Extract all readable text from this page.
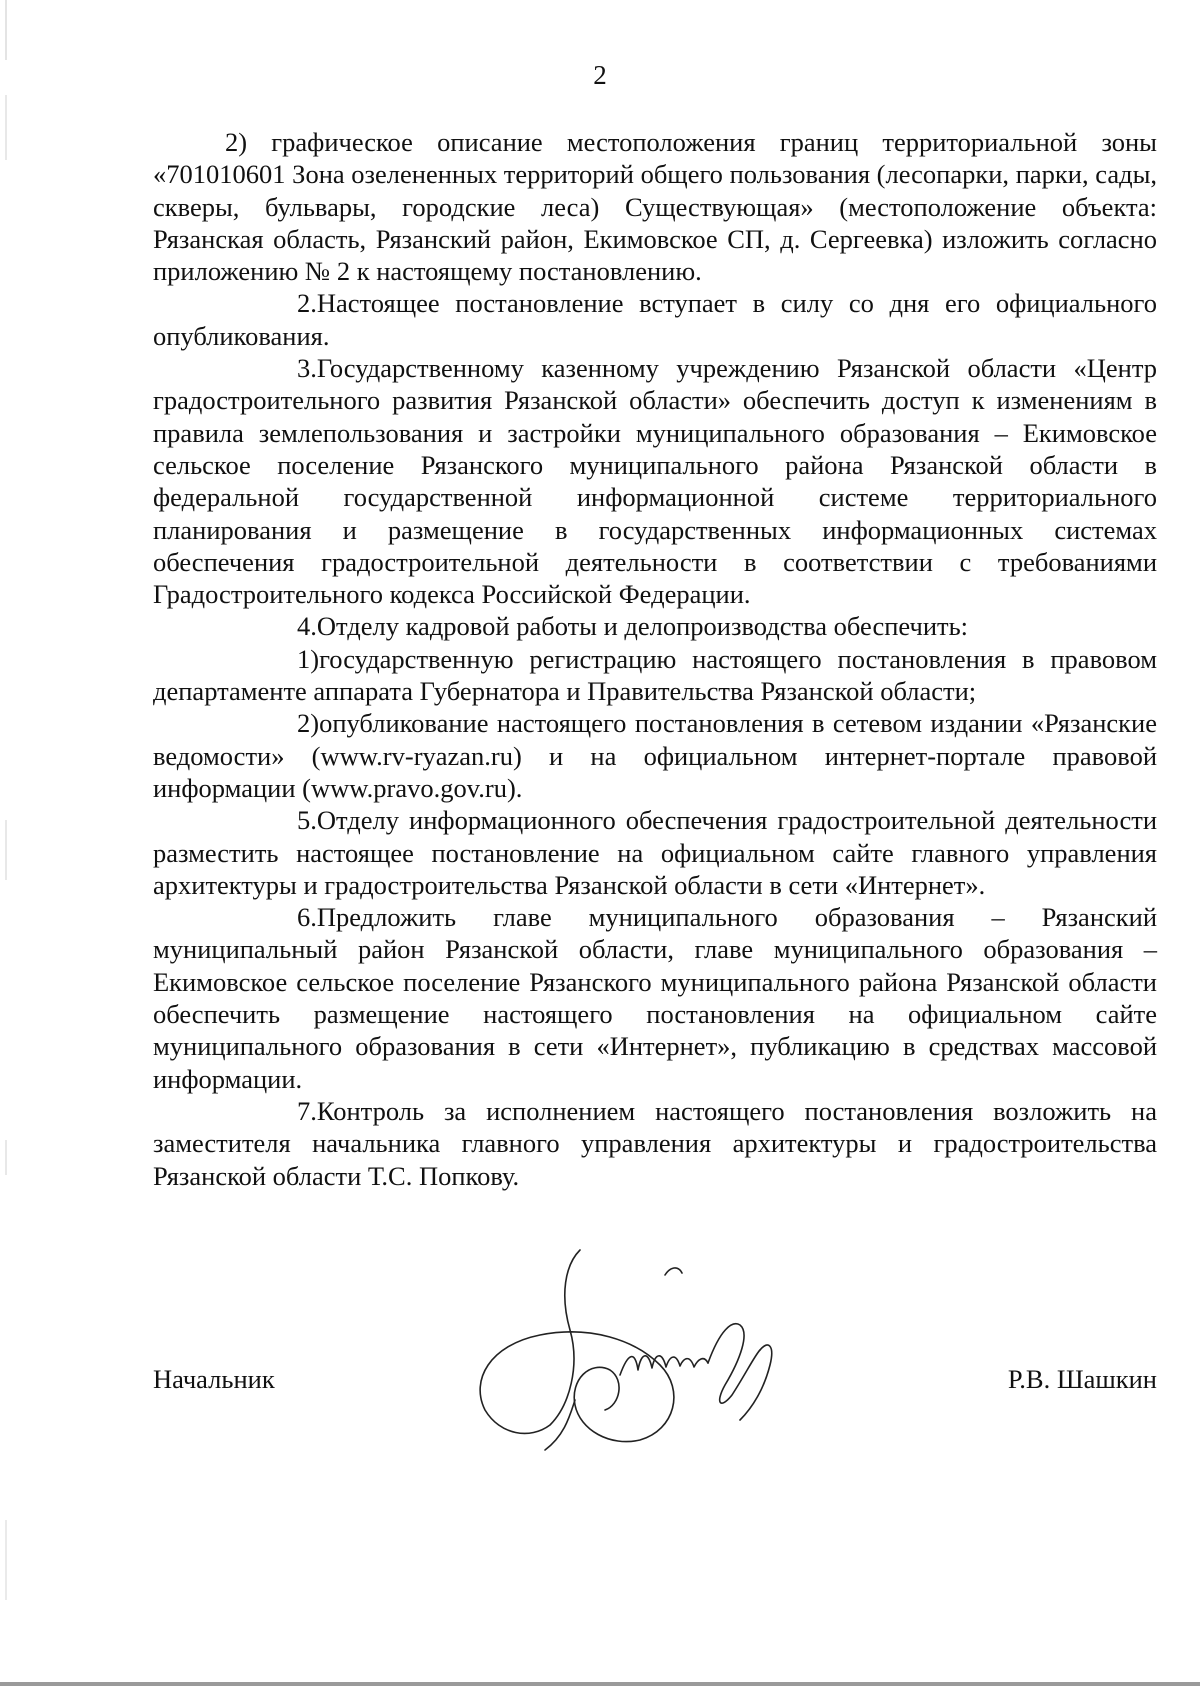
2

2) графическое описание местоположения границ территориальной зоны «701010601 Зона озелененных территорий общего пользования (лесопарки, парки, сады, скверы, бульвары, городские леса) Существующая» (местоположение объекта: Рязанская область, Рязанский район, Екимовское СП, д. Сергеевка) изложить согласно приложению № 2 к настоящему постановлению.

2.Настоящее постановление вступает в силу со дня его официального опубликования.

3.Государственному казенному учреждению Рязанской области «Центр градостроительного развития Рязанской области» обеспечить доступ к изменениям в правила землепользования и застройки муниципального образования – Екимовское сельское поселение Рязанского муниципального района Рязанской области в федеральной государственной информационной системе территориального планирования и размещение в государственных информационных системах обеспечения градостроительной деятельности в соответствии с требованиями Градостроительного кодекса Российской Федерации.

4.Отделу кадровой работы и делопроизводства обеспечить:

1)государственную регистрацию настоящего постановления в правовом департаменте аппарата Губернатора и Правительства Рязанской области;

2)опубликование настоящего постановления в сетевом издании «Рязанские ведомости» (www.rv-ryazan.ru) и на официальном интернет-портале правовой информации (www.pravo.gov.ru).

5.Отделу информационного обеспечения градостроительной деятельности разместить настоящее постановление на официальном сайте главного управления архитектуры и градостроительства Рязанской области в сети «Интернет».

6.Предложить главе муниципального образования – Рязанский муниципальный район Рязанской области, главе муниципального образования – Екимовское сельское поселение Рязанского муниципального района Рязанской области обеспечить размещение настоящего постановления на официальном сайте муниципального образования в сети «Интернет», публикацию в средствах массовой информации.

7.Контроль за исполнением настоящего постановления возложить на заместителя начальника главного управления архитектуры и градостроительства Рязанской области Т.С. Попкову.

Начальник	Р.В. Шашкин
